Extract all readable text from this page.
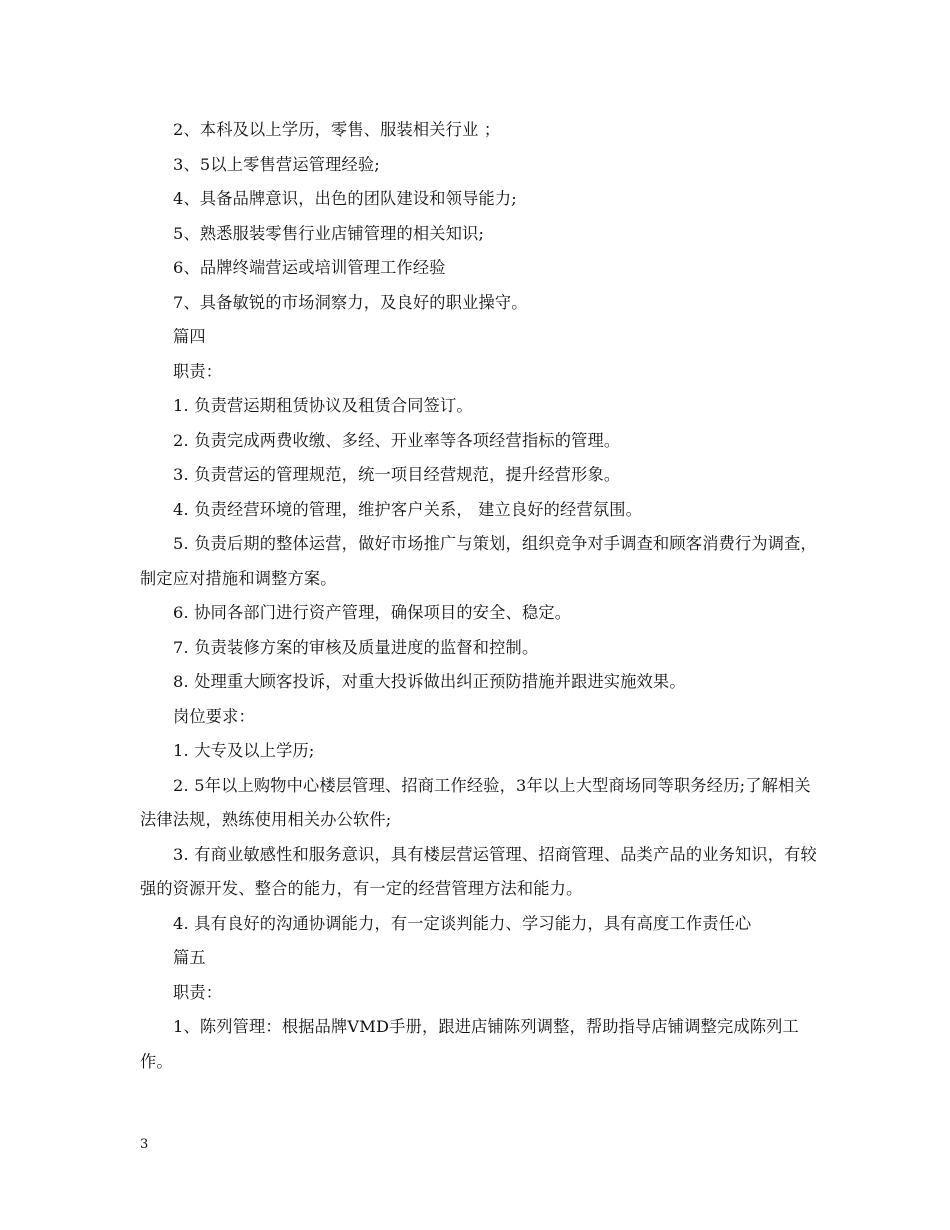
2、本科及以上学历，零售、服装相关行业 ；

3、5以上零售营运管理经验;

4、具备品牌意识，出色的团队建设和领导能力;

5、熟悉服装零售行业店铺管理的相关知识;

6、品牌终端营运或培训管理工作经验

7、具备敏锐的市场洞察力，及良好的职业操守。

篇四

职责：

1. 负责营运期租赁协议及租赁合同签订。

2. 负责完成两费收缴、多经、开业率等各项经营指标的管理。

3. 负责营运的管理规范，统一项目经营规范，提升经营形象。

4. 负责经营环境的管理，维护客户关系， 建立良好的经营氛围。

5. 负责后期的整体运营，做好市场推广与策划，组织竞争对手调查和顾客消费行为调查，制定应对措施和调整方案。

6. 协同各部门进行资产管理，确保项目的安全、稳定。

7. 负责装修方案的审核及质量进度的监督和控制。

8. 处理重大顾客投诉，对重大投诉做出纠正预防措施并跟进实施效果。

岗位要求：

1. 大专及以上学历;

2. 5年以上购物中心楼层管理、招商工作经验，3年以上大型商场同等职务经历;了解相关法律法规，熟练使用相关办公软件;

3. 有商业敏感性和服务意识，具有楼层营运管理、招商管理、品类产品的业务知识，有较强的资源开发、整合的能力，有一定的经营管理方法和能力。

4. 具有良好的沟通协调能力，有一定谈判能力、学习能力，具有高度工作责任心

篇五

职责：

1、陈列管理：根据品牌VMD手册，跟进店铺陈列调整，帮助指导店铺调整完成陈列工作。

3
